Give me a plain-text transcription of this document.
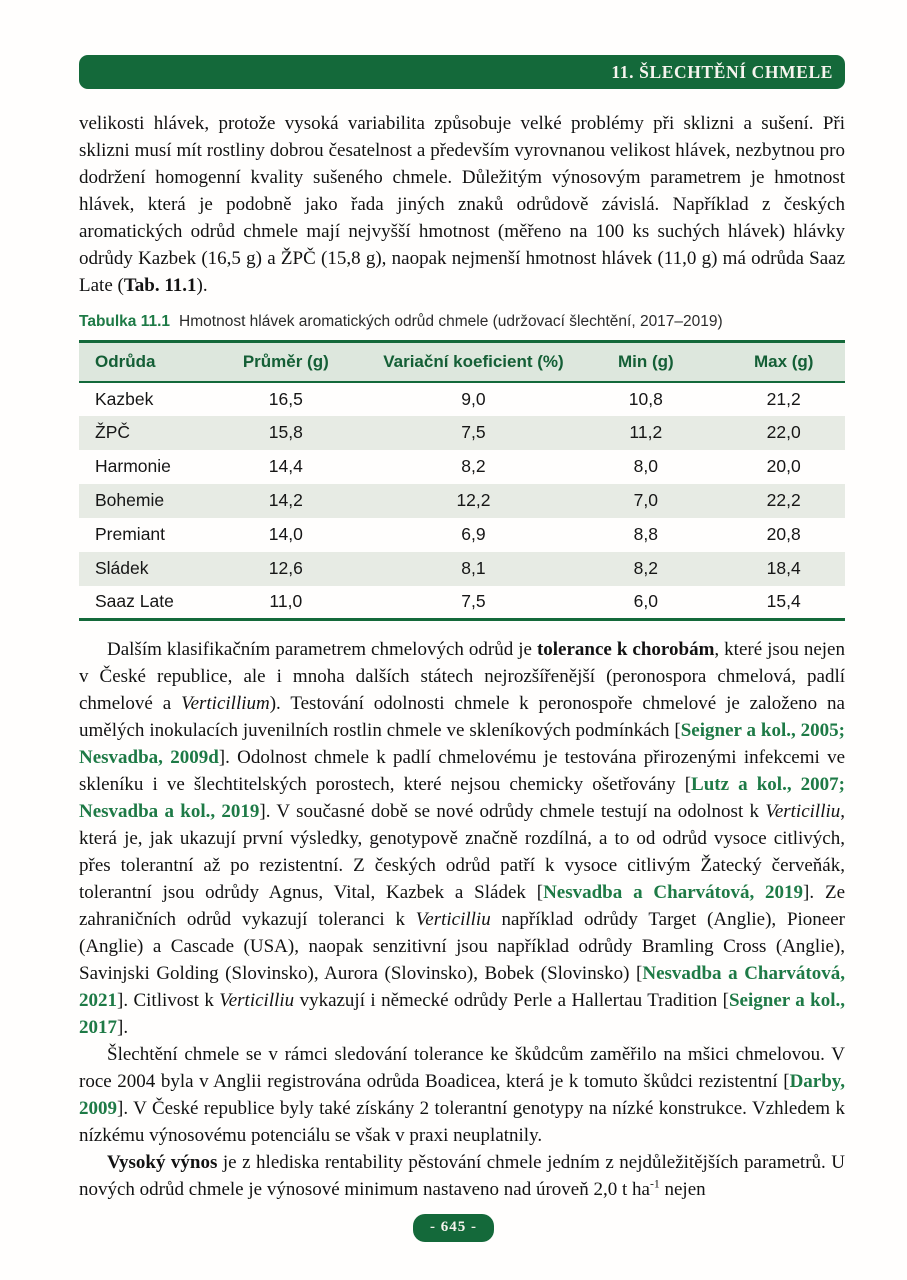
11. ŠLECHTĚNÍ CHMELE

velikosti hlávek, protože vysoká variabilita způsobuje velké problémy při sklizni a sušení. Při sklizni musí mít rostliny dobrou česatelnost a především vyrovnanou velikost hlávek, nezbytnou pro dodržení homogenní kvality sušeného chmele. Důležitým výnosovým parametrem je hmotnost hlávek, která je podobně jako řada jiných znaků odrůdově závislá. Například z českých aromatických odrůd chmele mají nejvyšší hmotnost (měřeno na 100 ks suchých hlávek) hlávky odrůdy Kazbek (16,5 g) a ŽPČ (15,8 g), naopak nejmenší hmotnost hlávek (11,0 g) má odrůda Saaz Late (Tab. 11.1).

Tabulka 11.1 Hmotnost hlávek aromatických odrůd chmele (udržovací šlechtění, 2017–2019)

Odrůda	Průměr (g)	Variační koeficient (%)	Min (g)	Max (g)
Kazbek	16,5	9,0	10,8	21,2
ŽPČ	15,8	7,5	11,2	22,0
Harmonie	14,4	8,2	8,0	20,0
Bohemie	14,2	12,2	7,0	22,2
Premiant	14,0	6,9	8,8	20,8
Sládek	12,6	8,1	8,2	18,4
Saaz Late	11,0	7,5	6,0	15,4

Dalším klasifikačním parametrem chmelových odrůd je tolerance k chorobám, které jsou nejen v České republice, ale i mnoha dalších státech nejrozšířenější (peronospora chmelová, padlí chmelové a Verticillium). Testování odolnosti chmele k peronospoře chmelové je založeno na umělých inokulacích juvenilních rostlin chmele ve skleníkových podmínkách [Seigner a kol., 2005; Nesvadba, 2009d]. Odolnost chmele k padlí chmelovému je testována přirozenými infekcemi ve skleníku i ve šlechtitelských porostech, které nejsou chemicky ošetřovány [Lutz a kol., 2007; Nesvadba a kol., 2019]. V současné době se nové odrůdy chmele testují na odolnost k Verticilliu, která je, jak ukazují první výsledky, genotypově značně rozdílná, a to od odrůd vysoce citlivých, přes tolerantní až po rezistentní. Z českých odrůd patří k vysoce citlivým Žatecký červeňák, tolerantní jsou odrůdy Agnus, Vital, Kazbek a Sládek [Nesvadba a Charvátová, 2019]. Ze zahraničních odrůd vykazují toleranci k Verticilliu například odrůdy Target (Anglie), Pioneer (Anglie) a Cascade (USA), naopak senzitivní jsou například odrůdy Bramling Cross (Anglie), Savinjski Golding (Slovinsko), Aurora (Slovinsko), Bobek (Slovinsko) [Nesvadba a Charvátová, 2021]. Citlivost k Verticilliu vykazují i německé odrůdy Perle a Hallertau Tradition [Seigner a kol., 2017].

Šlechtění chmele se v rámci sledování tolerance ke škůdcům zaměřilo na mšici chmelovou. V roce 2004 byla v Anglii registrována odrůda Boadicea, která je k tomuto škůdci rezistentní [Darby, 2009]. V České republice byly také získány 2 tolerantní genotypy na nízké konstrukce. Vzhledem k nízkému výnosovému potenciálu se však v praxi neuplatnily.

Vysoký výnos je z hlediska rentability pěstování chmele jedním z nejdůležitějších parametrů. U nových odrůd chmele je výnosové minimum nastaveno nad úroveň 2,0 t $ha^{-1}$ nejen

- 645 -
